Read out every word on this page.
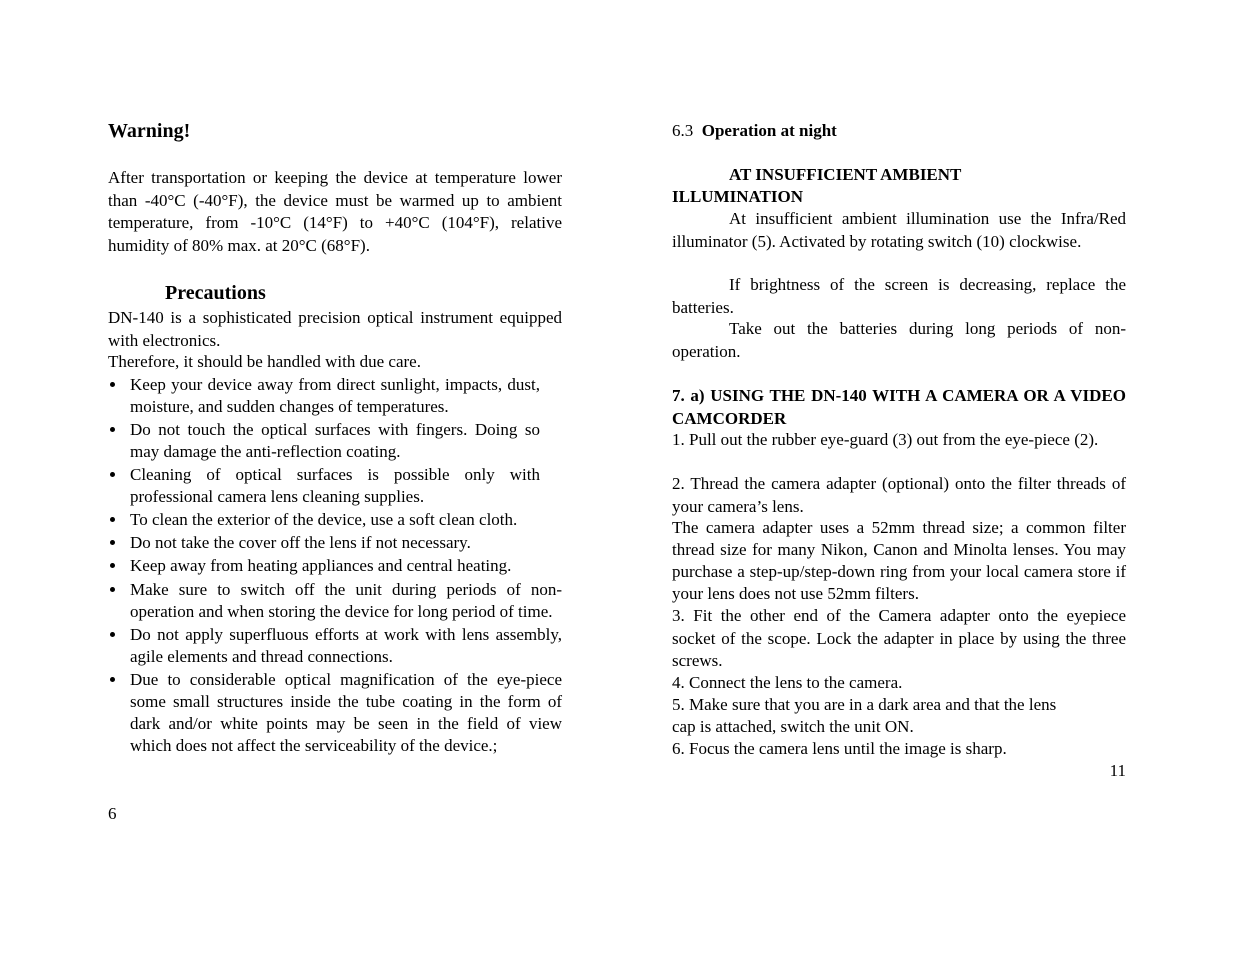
Warning!

After transportation or keeping the device at temperature lower than -40°C (-40°F), the device must be warmed up to ambient temperature, from -10°C (14°F) to +40°C (104°F), relative humidity of 80% max. at 20°C (68°F).

Precautions

DN-140 is a sophisticated precision optical instrument equipped with electronics.

Therefore, it should be handled with due care.

Keep your device away from direct sunlight, impacts, dust, moisture, and sudden changes of temperatures.
Do not touch the optical surfaces with fingers. Doing so may damage the anti-reflection coating.
Cleaning of optical surfaces is possible only with professional camera lens cleaning supplies.
To clean the exterior of the device, use a soft clean cloth.
Do not take the cover off the lens if not necessary.
Keep away from heating appliances and central heating.
Make sure to switch off the unit during periods of non-operation and when storing the device for long period of time.
Do not apply superfluous efforts at work with lens assembly, agile elements and thread connections.
Due to considerable optical magnification of the eye-piece some small structures inside the tube coating in the form of dark and/or white points may be seen in the field of view which does not affect the serviceability of the device.;
6
6.3 Operation at night
AT INSUFFICIENT AMBIENT
ILLUMINATION

At insufficient ambient illumination use the Infra/Red illuminator (5). Activated by rotating switch (10) clockwise.

If brightness of the screen is decreasing, replace the batteries.

Take out the batteries during long periods of non-operation.

7. a) USING THE DN-140 WITH A CAMERA OR A VIDEO CAMCORDER

1. Pull out the rubber eye-guard (3) out from the eye-piece (2).

2. Thread the camera adapter (optional) onto the filter threads of your camera’s lens.

The camera adapter uses a 52mm thread size; a common filter thread size for many Nikon, Canon and Minolta lenses. You may purchase a step-up/step-down ring from your local camera store if your lens does not use 52mm filters.

3. Fit the other end of the Camera adapter onto the eyepiece socket of the scope. Lock the adapter in place by using the three screws.

4. Connect the lens to the camera.

5. Make sure that you are in a dark area and that the lens

cap is attached, switch the unit ON.

6. Focus the camera lens until the image is sharp.

11
